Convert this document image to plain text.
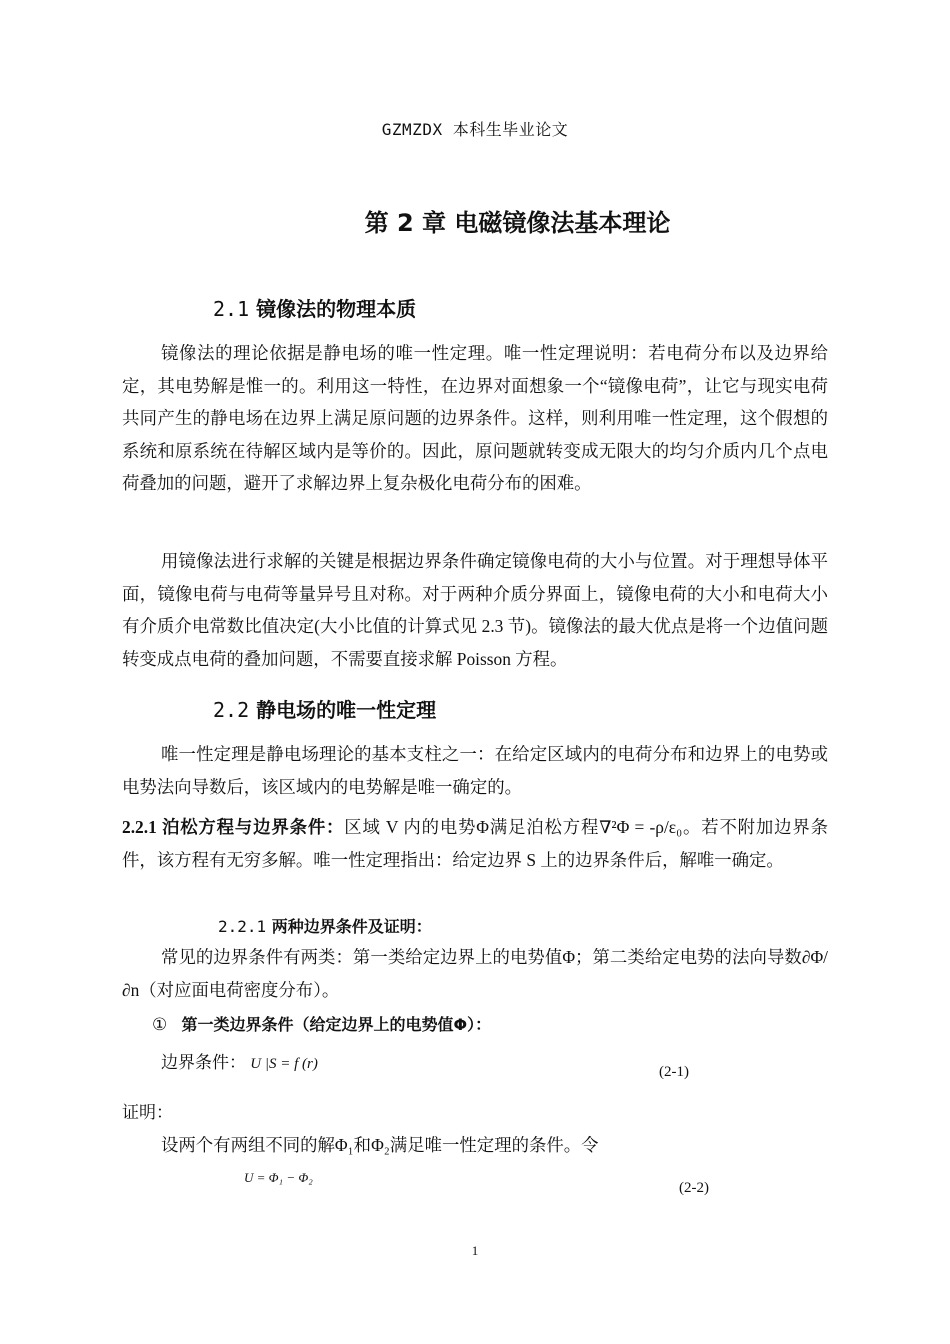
GZMZDX 本科生毕业论文
第 2 章 电磁镜像法基本理论
2.1 镜像法的物理本质
镜像法的理论依据是静电场的唯一性定理。唯一性定理说明：若电荷分布以及边界给定，其电势解是惟一的。利用这一特性，在边界对面想象一个“镜像电荷”，让它与现实电荷共同产生的静电场在边界上满足原问题的边界条件。这样，则利用唯一性定理，这个假想的系统和原系统在待解区域内是等价的。因此，原问题就转变成无限大的均匀介质内几个点电荷叠加的问题，避开了求解边界上复杂极化电荷分布的困难。
用镜像法进行求解的关键是根据边界条件确定镜像电荷的大小与位置。对于理想导体平面，镜像电荷与电荷等量异号且对称。对于两种介质分界面上，镜像电荷的大小和电荷大小有介质介电常数比值决定(大小比值的计算式见 2.3 节)。镜像法的最大优点是将一个边值问题转变成点电荷的叠加问题，不需要直接求解 Poisson 方程。
2.2 静电场的唯一性定理
唯一性定理是静电场理论的基本支柱之一：在给定区域内的电荷分布和边界上的电势或电势法向导数后，该区域内的电势解是唯一确定的。
2.2.1 泊松方程与边界条件：区域 V 内的电势Φ满足泊松方程∇²Φ = -ρ/ε₀。若不附加边界条件，该方程有无穷多解。唯一性定理指出：给定边界 S 上的边界条件后，解唯一确定。
2.2.1 两种边界条件及证明：
常见的边界条件有两类：第一类给定边界上的电势值Φ；第二类给定电势的法向导数∂Φ/∂n（对应面电荷密度分布）。
① 第一类边界条件（给定边界上的电势值Φ）：
边界条件： U |S = f (r)	(2-1)
证明：
设两个有两组不同的解Φ₁和Φ₂满足唯一性定理的条件。令
U = Φ₁ − Φ₂
(2-2)
1
